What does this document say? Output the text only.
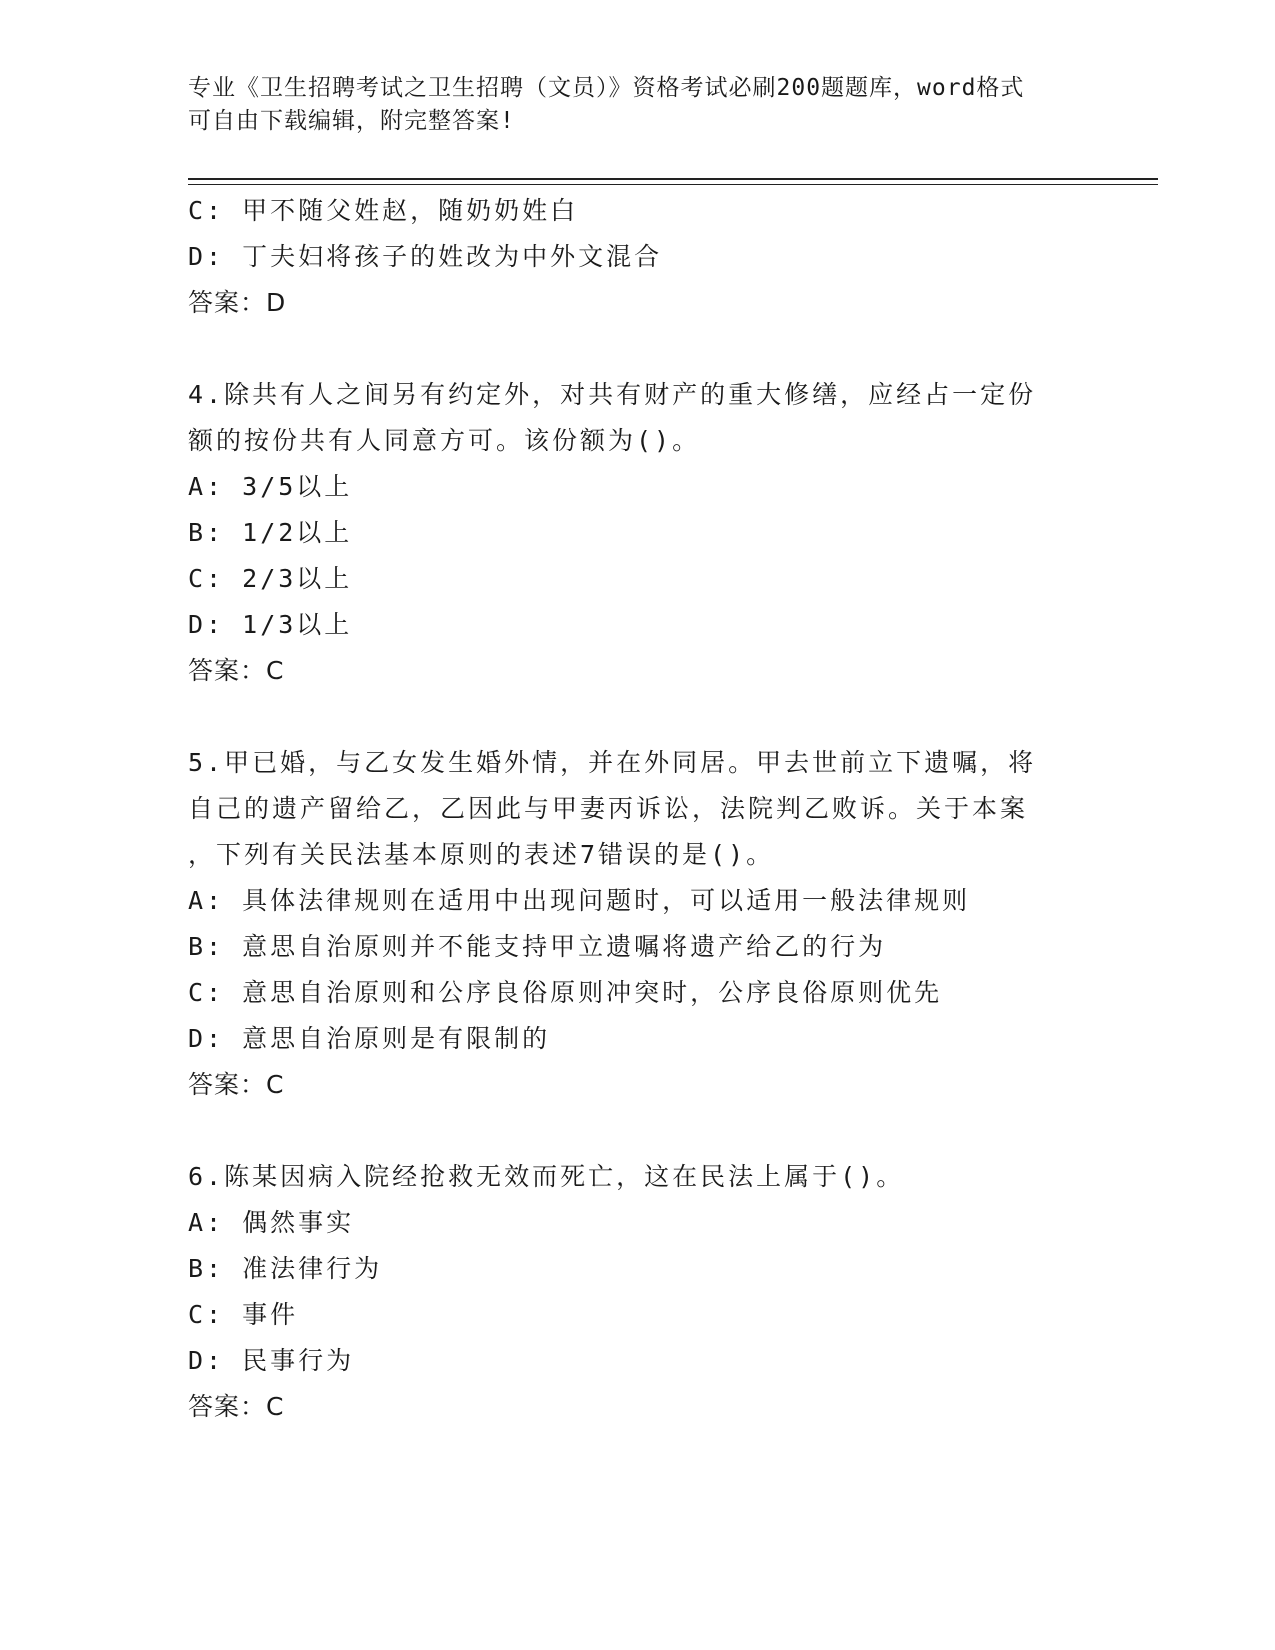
专业《卫生招聘考试之卫生招聘（文员）》资格考试必刷200题题库，word格式
可自由下载编辑，附完整答案!
C: 甲不随父姓赵，随奶奶姓白
D: 丁夫妇将孩子的姓改为中外文混合
答案：D
4.除共有人之间另有约定外，对共有财产的重大修缮，应经占一定份
额的按份共有人同意方可。该份额为()。
A: 3/5以上
B: 1/2以上
C: 2/3以上
D: 1/3以上
答案：C
5.甲已婚，与乙女发生婚外情，并在外同居。甲去世前立下遗嘱，将
自己的遗产留给乙，乙因此与甲妻丙诉讼，法院判乙败诉。关于本案
，下列有关民法基本原则的表述7错误的是()。
A: 具体法律规则在适用中出现问题时，可以适用一般法律规则
B: 意思自治原则并不能支持甲立遗嘱将遗产给乙的行为
C: 意思自治原则和公序良俗原则冲突时，公序良俗原则优先
D: 意思自治原则是有限制的
答案：C
6.陈某因病入院经抢救无效而死亡，这在民法上属于()。
A: 偶然事实
B: 准法律行为
C: 事件
D: 民事行为
答案：C
